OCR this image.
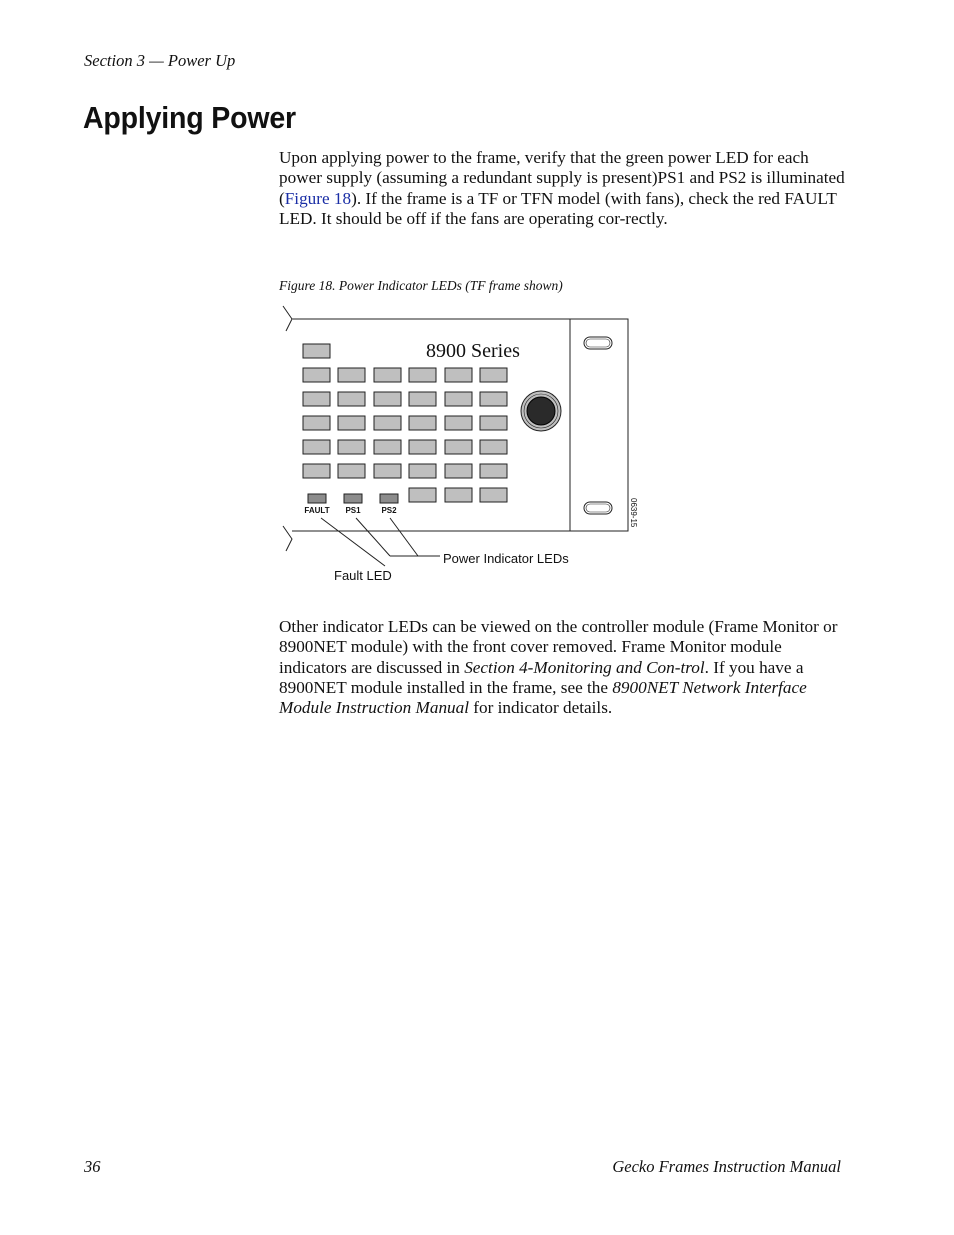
Section 3 — Power Up
Applying Power

Upon applying power to the frame, verify that the green power LED for each power supply (assuming a redundant supply is present)PS1 and PS2 is illuminated (Figure 18). If the frame is a TF or TFN model (with fans), check the red FAULT LED. It should be off if the fans are operating cor-rectly.

Figure 18. Power Indicator LEDs (TF frame shown)
8900 Series
FAULT PS1	PS2
Power Indicator LEDs
Fault LED
0639-15

Other indicator LEDs can be viewed on the controller module (Frame Monitor or 8900NET module) with the front cover removed. Frame Monitor module indicators are discussed in Section 4-Monitoring and Con-trol. If you have a 8900NET module installed in the frame, see the 8900NET Network Interface Module Instruction Manual for indicator details.

36	Gecko Frames Instruction Manual
